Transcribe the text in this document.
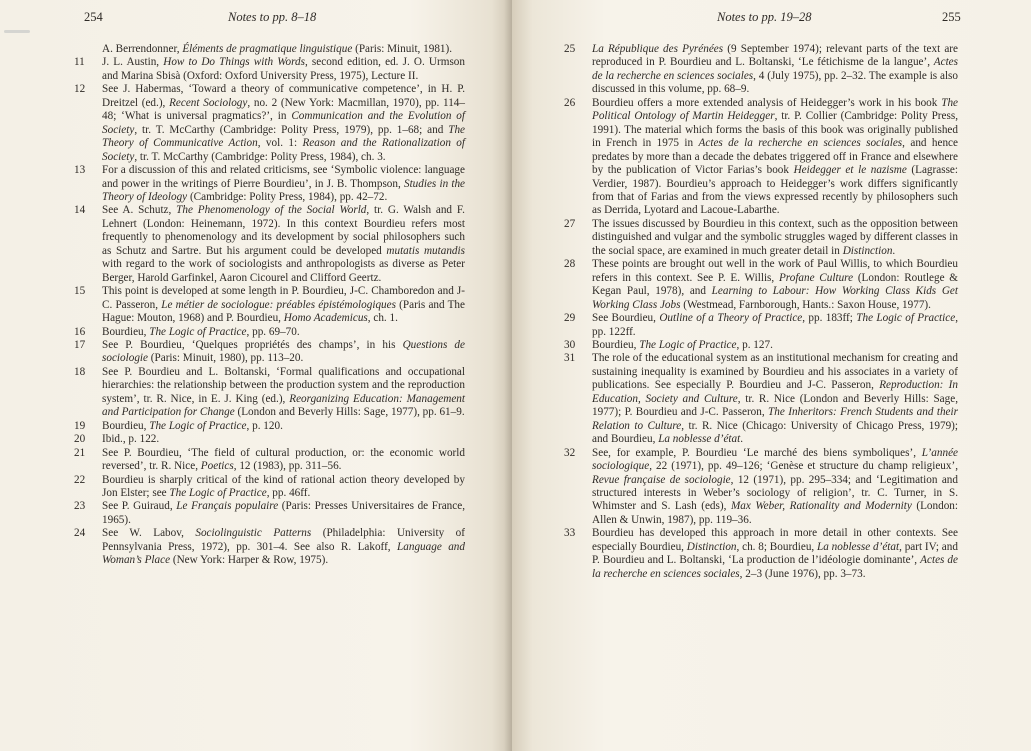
254	Notes to pp. 8–18
A. Berrendonner, Éléments de pragmatique linguistique (Paris: Minuit, 1981).
11 J. L. Austin, How to Do Things with Words, second edition, ed. J. O. Urmson and Marina Sbisà (Oxford: Oxford University Press, 1975), Lecture II.
12 See J. Habermas, ‘Toward a theory of communicative competence’, in H. P. Dreitzel (ed.), Recent Sociology, no. 2 (New York: Macmillan, 1970), pp. 114–48; ‘What is universal pragmatics?’, in Communication and the Evolution of Society, tr. T. McCarthy (Cambridge: Polity Press, 1979), pp. 1–68; and The Theory of Communicative Action, vol. 1: Reason and the Rationalization of Society, tr. T. McCarthy (Cambridge: Polity Press, 1984), ch. 3.
13 For a discussion of this and related criticisms, see ‘Symbolic violence: language and power in the writings of Pierre Bourdieu’, in J. B. Thompson, Studies in the Theory of Ideology (Cambridge: Polity Press, 1984), pp. 42–72.
14 See A. Schutz, The Phenomenology of the Social World, tr. G. Walsh and F. Lehnert (London: Heinemann, 1972). In this context Bourdieu refers most frequently to phenomenology and its development by social philosophers such as Schutz and Sartre. But his argument could be developed mutatis mutandis with regard to the work of sociologists and anthropologists as diverse as Peter Berger, Harold Garfinkel, Aaron Cicourel and Clifford Geertz.
15 This point is developed at some length in P. Bourdieu, J-C. Chamboredon and J-C. Passeron, Le métier de sociologue: préables épistémologiques (Paris and The Hague: Mouton, 1968) and P. Bourdieu, Homo Academicus, ch. 1.
16 Bourdieu, The Logic of Practice, pp. 69–70.
17 See P. Bourdieu, ‘Quelques propriétés des champs’, in his Questions de sociologie (Paris: Minuit, 1980), pp. 113–20.
18 See P. Bourdieu and L. Boltanski, ‘Formal qualifications and occupational hierarchies: the relationship between the production system and the reproduction system’, tr. R. Nice, in E. J. King (ed.), Reorganizing Education: Management and Participation for Change (London and Beverly Hills: Sage, 1977), pp. 61–9.
19 Bourdieu, The Logic of Practice, p. 120.
20 Ibid., p. 122.
21 See P. Bourdieu, ‘The field of cultural production, or: the economic world reversed’, tr. R. Nice, Poetics, 12 (1983), pp. 311–56.
22 Bourdieu is sharply critical of the kind of rational action theory developed by Jon Elster; see The Logic of Practice, pp. 46ff.
23 See P. Guiraud, Le Français populaire (Paris: Presses Universitaires de France, 1965).
24 See W. Labov, Sociolinguistic Patterns (Philadelphia: University of Pennsylvania Press, 1972), pp. 301–4. See also R. Lakoff, Language and Woman’s Place (New York: Harper & Row, 1975).
Notes to pp. 19–28	255
25 La République des Pyrénées (9 September 1974); relevant parts of the text are reproduced in P. Bourdieu and L. Boltanski, ‘Le fétichisme de la langue’, Actes de la recherche en sciences sociales, 4 (July 1975), pp. 2–32. The example is also discussed in this volume, pp. 68–9.
26 Bourdieu offers a more extended analysis of Heidegger’s work in his book The Political Ontology of Martin Heidegger, tr. P. Collier (Cambridge: Polity Press, 1991). The material which forms the basis of this book was originally published in French in 1975 in Actes de la recherche en sciences sociales, and hence predates by more than a decade the debates triggered off in France and elsewhere by the publication of Victor Farias’s book Heidegger et le nazisme (Lagrasse: Verdier, 1987). Bourdieu’s approach to Heidegger’s work differs significantly from that of Farias and from the views expressed recently by philosophers such as Derrida, Lyotard and Lacoue-Labarthe.
27 The issues discussed by Bourdieu in this context, such as the opposition between distinguished and vulgar and the symbolic struggles waged by different classes in the social space, are examined in much greater detail in Distinction.
28 These points are brought out well in the work of Paul Willis, to which Bourdieu refers in this context. See P. E. Willis, Profane Culture (London: Routlege & Kegan Paul, 1978), and Learning to Labour: How Working Class Kids Get Working Class Jobs (Westmead, Farnborough, Hants.: Saxon House, 1977).
29 See Bourdieu, Outline of a Theory of Practice, pp. 183ff; The Logic of Practice, pp. 122ff.
30 Bourdieu, The Logic of Practice, p. 127.
31 The role of the educational system as an institutional mechanism for creating and sustaining inequality is examined by Bourdieu and his associates in a variety of publications. See especially P. Bourdieu and J-C. Passeron, Reproduction: In Education, Society and Culture, tr. R. Nice (London and Beverly Hills: Sage, 1977); P. Bourdieu and J-C. Passeron, The Inheritors: French Students and their Relation to Culture, tr. R. Nice (Chicago: University of Chicago Press, 1979); and Bourdieu, La noblesse d’état.
32 See, for example, P. Bourdieu ‘Le marché des biens symboliques’, L’année sociologique, 22 (1971), pp. 49–126; ‘Genèse et structure du champ religieux’, Revue française de sociologie, 12 (1971), pp. 295–334; and ‘Legitimation and structured interests in Weber’s sociology of religion’, tr. C. Turner, in S. Whimster and S. Lash (eds), Max Weber, Rationality and Modernity (London: Allen & Unwin, 1987), pp. 119–36.
33 Bourdieu has developed this approach in more detail in other contexts. See especially Bourdieu, Distinction, ch. 8; Bourdieu, La noblesse d’état, part IV; and P. Bourdieu and L. Boltanski, ‘La production de l’idéologie dominante’, Actes de la recherche en sciences sociales, 2–3 (June 1976), pp. 3–73.
